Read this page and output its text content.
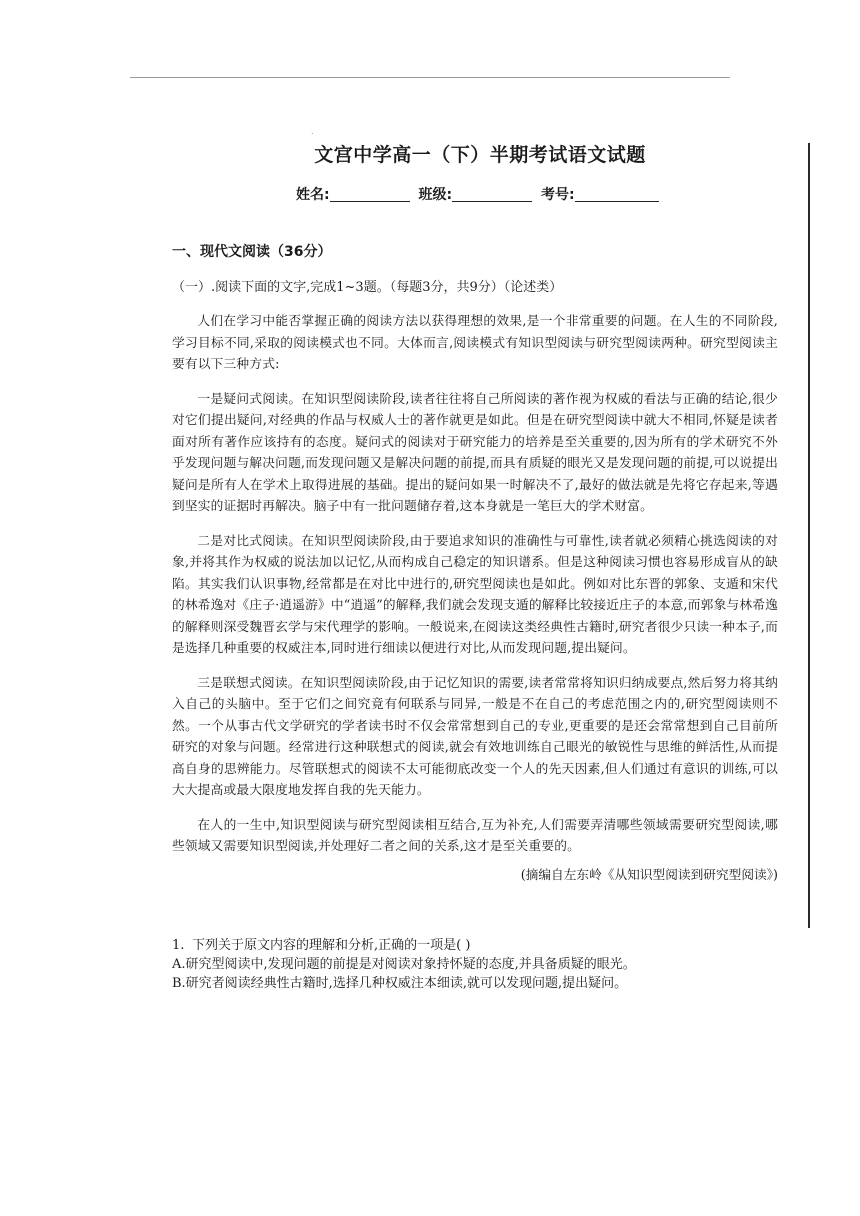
.
文宫中学高一（下）半期考试语文试题
姓名:	班级:	考号:
一、现代文阅读（36分）
（一）.阅读下面的文字,完成1~3题。（每题3分，共9分）（论述类）

人们在学习中能否掌握正确的阅读方法以获得理想的效果,是一个非常重要的问题。在人生的不同阶段,学习目标不同,采取的阅读模式也不同。大体而言,阅读模式有知识型阅读与研究型阅读两种。研究型阅读主要有以下三种方式:

一是疑问式阅读。在知识型阅读阶段,读者往往将自己所阅读的著作视为权威的看法与正确的结论,很少对它们提出疑问,对经典的作品与权威人士的著作就更是如此。但是在研究型阅读中就大不相同,怀疑是读者面对所有著作应该持有的态度。疑问式的阅读对于研究能力的培养是至关重要的,因为所有的学术研究不外乎发现问题与解决问题,而发现问题又是解决问题的前提,而具有质疑的眼光又是发现问题的前提,可以说提出疑问是所有人在学术上取得进展的基础。提出的疑问如果一时解决不了,最好的做法就是先将它存起来,等遇到坚实的证据时再解决。脑子中有一批问题储存着,这本身就是一笔巨大的学术财富。

二是对比式阅读。在知识型阅读阶段,由于要追求知识的准确性与可靠性,读者就必须精心挑选阅读的对象,并将其作为权威的说法加以记忆,从而构成自己稳定的知识谱系。但是这种阅读习惯也容易形成盲从的缺陷。其实我们认识事物,经常都是在对比中进行的,研究型阅读也是如此。例如对比东晋的郭象、支遁和宋代的林希逸对《庄子·逍遥游》中“逍遥”的解释,我们就会发现支遁的解释比较接近庄子的本意,而郭象与林希逸的解释则深受魏晋玄学与宋代理学的影响。一般说来,在阅读这类经典性古籍时,研究者很少只读一种本子,而是选择几种重要的权威注本,同时进行细读以便进行对比,从而发现问题,提出疑问。

三是联想式阅读。在知识型阅读阶段,由于记忆知识的需要,读者常常将知识归纳成要点,然后努力将其纳入自己的头脑中。至于它们之间究竟有何联系与同异,一般是不在自己的考虑范围之内的,研究型阅读则不然。一个从事古代文学研究的学者读书时不仅会常常想到自己的专业,更重要的是还会常常想到自己目前所研究的对象与问题。经常进行这种联想式的阅读,就会有效地训练自己眼光的敏锐性与思维的鲜活性,从而提高自身的思辨能力。尽管联想式的阅读不太可能彻底改变一个人的先天因素,但人们通过有意识的训练,可以大大提高或最大限度地发挥自我的先天能力。

在人的一生中,知识型阅读与研究型阅读相互结合,互为补充,人们需要弄清哪些领域需要研究型阅读,哪些领域又需要知识型阅读,并处理好二者之间的关系,这才是至关重要的。

(摘编自左东岭《从知识型阅读到研究型阅读》)
1. 下列关于原文内容的理解和分析,正确的一项是( )
A.研究型阅读中,发现问题的前提是对阅读对象持怀疑的态度,并具备质疑的眼光。
B.研究者阅读经典性古籍时,选择几种权威注本细读,就可以发现问题,提出疑问。
